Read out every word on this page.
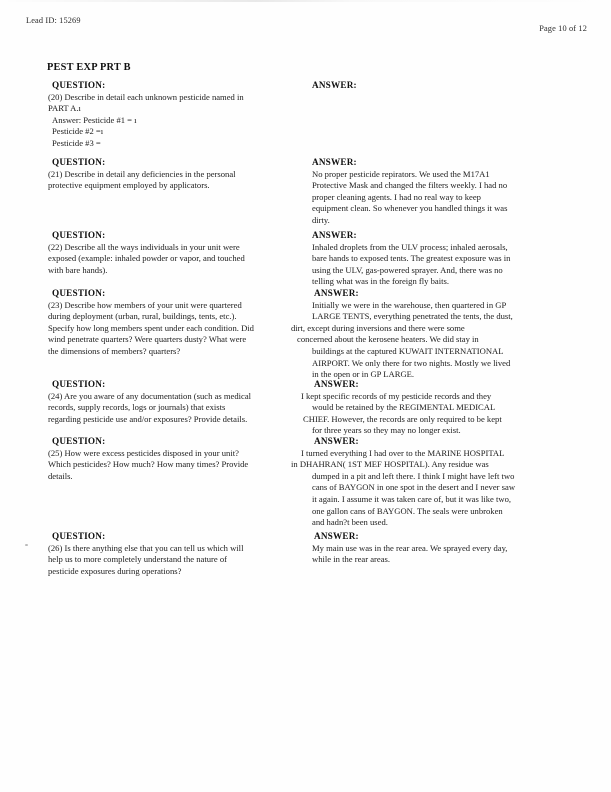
Lead ID: 15269
Page 10 of 12
PEST EXP PRT B
QUESTION:
(20) Describe in detail each unknown pesticide named in
PART A.ı
Answer: Pesticide #1 = ı
Pesticide #2 =ı
Pesticide #3 =
ANSWER:
QUESTION:
(21) Describe in detail any deficiencies in the personal
protective equipment employed by applicators.
ANSWER:
No proper pesticide repirators. We used the M17A1
Protective Mask and changed the filters weekly. I had no
proper cleaning agents. I had no real way to keep
equipment clean. So whenever you handled things it was
dirty.
QUESTION:
(22) Describe all the ways individuals in your unit were
exposed (example: inhaled powder or vapor, and touched
with bare hands).
ANSWER:
Inhaled droplets from the ULV process; inhaled aerosals,
bare hands to exposed tents. The greatest exposure was in
using the ULV, gas-powered sprayer. And, there was no
telling what was in the foreign fly baits.
QUESTION:
(23) Describe how members of your unit were quartered
during deployment (urban, rural, buildings, tents, etc.).
Specify how long members spent under each condition. Did
wind penetrate quarters? Were quarters dusty? What were
the dimensions of members? quarters?
ANSWER:
Initially we were in the warehouse, then quartered in GP
LARGE TENTS, everything penetrated the tents, the dust,
dirt, except during inversions and there were some
concerned about the kerosene heaters. We did stay in
buildings at the captured KUWAIT INTERNATIONAL
AIRPORT. We only there for two nights. Mostly we lived
in the open or in GP LARGE.
QUESTION:
(24) Are you aware of any documentation (such as medical
records, supply records, logs or journals) that exists
regarding pesticide use and/or exposures? Provide details.
ANSWER:
I kept specific records of my pesticide records and they
would be retained by the REGIMENTAL MEDICAL
CHIEF. However, the records are only required to be kept
for three years so they may no longer exist.
QUESTION:
(25) How were excess pesticides disposed in your unit?
Which pesticides? How much? How many times? Provide
details.
ANSWER:
I turned everything I had over to the MARINE HOSPITAL
in DHAHRAN( 1ST MEF HOSPITAL). Any residue was
dumped in a pit and left there. I think I might have left two
cans of BAYGON in one spot in the desert and I never saw
it again. I assume it was taken care of, but it was like two,
one gallon cans of BAYGON. The seals were unbroken
and hadn?t been used.
QUESTION:
(26) Is there anything else that you can tell us which will
help us to more completely understand the nature of
pesticide exposures during operations?
ANSWER:
My main use was in the rear area. We sprayed every day,
while in the rear areas.
